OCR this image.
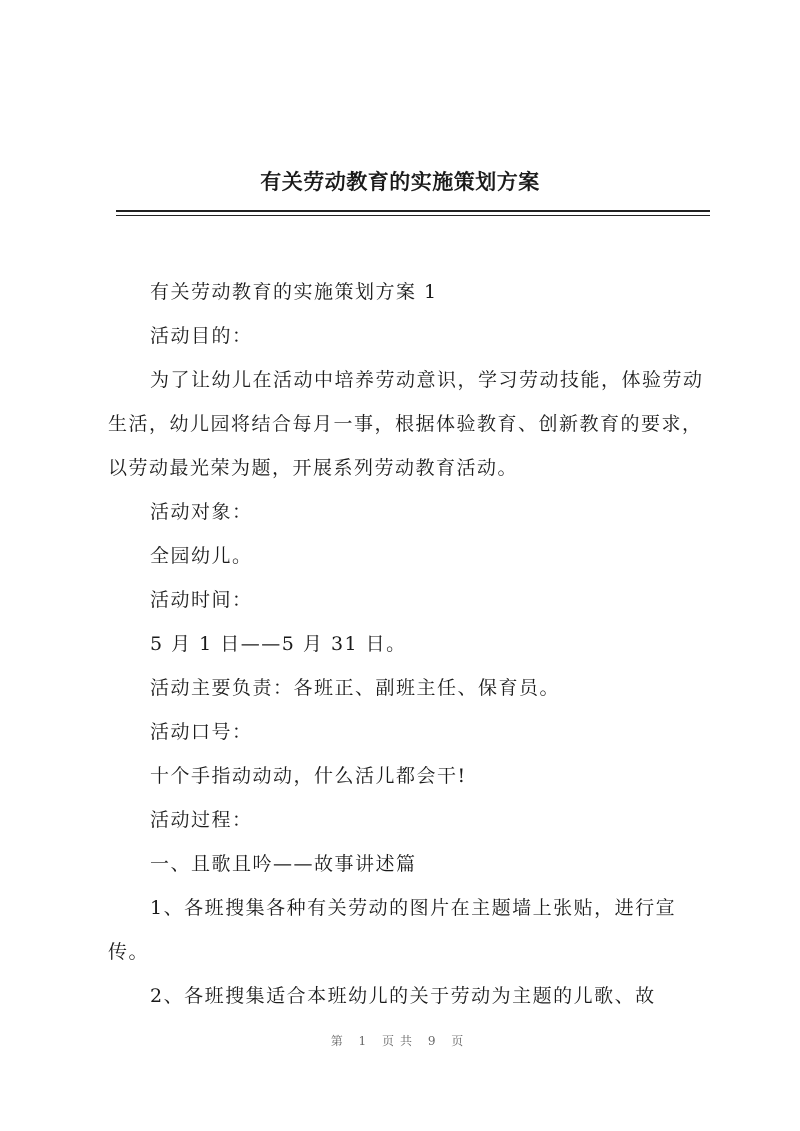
有关劳动教育的实施策划方案

有关劳动教育的实施策划方案 1

活动目的：

为了让幼儿在活动中培养劳动意识，学习劳动技能，体验劳动生活，幼儿园将结合每月一事，根据体验教育、创新教育的要求，以劳动最光荣为题，开展系列劳动教育活动。

活动对象：

全园幼儿。

活动时间：

5 月 1 日——5 月 31 日。

活动主要负责：各班正、副班主任、保育员。

活动口号：

十个手指动动动，什么活儿都会干!

活动过程：

一、且歌且吟——故事讲述篇

1、各班搜集各种有关劳动的图片在主题墙上张贴，进行宣传。

2、各班搜集适合本班幼儿的关于劳动为主题的儿歌、故

第 1 页共 9 页
